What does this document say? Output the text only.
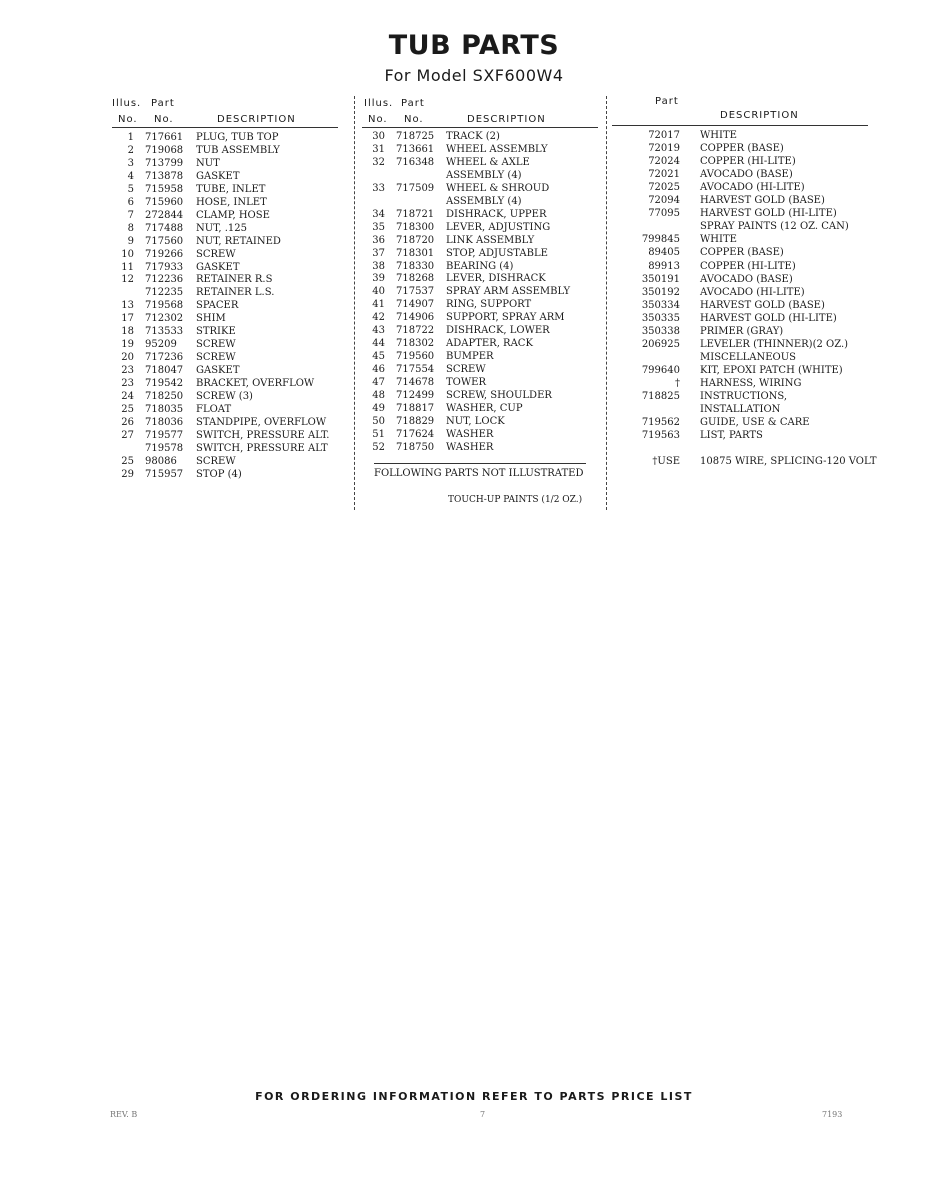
TUB PARTS
For Model SXF600W4
Illus. Part
No. No.	DESCRIPTION
Illus. Part
No. No.	DESCRIPTION
Part
DESCRIPTION
1 717661 PLUG, TUB TOP
2 719068 TUB ASSEMBLY
3 713799 NUT
4 713878 GASKET
5 715958 TUBE, INLET
6 715960 HOSE, INLET
7 272844 CLAMP, HOSE
8 717488 NUT, .125
9 717560 NUT, RETAINED
10 719266 SCREW
11 717933 GASKET
12 712236 RETAINER R.S
712235 RETAINER L.S.
13 719568 SPACER
17 712302 SHIM
18 713533 STRIKE
19 95209 SCREW
20 717236 SCREW
23 718047 GASKET
23 719542 BRACKET, OVERFLOW
24 718250 SCREW (3)
25 718035 FLOAT
26 718036 STANDPIPE, OVERFLOW
27 719577 SWITCH, PRESSURE ALT.
719578 SWITCH, PRESSURE ALT
25 98086 SCREW
29 715957 STOP (4)
30 718725 TRACK (2)
31 713661 WHEEL ASSEMBLY
32 716348 WHEEL & AXLE
ASSEMBLY (4)
33 717509 WHEEL & SHROUD
ASSEMBLY (4)
34 718721 DISHRACK, UPPER
35 718300 LEVER, ADJUSTING
36 718720 LINK ASSEMBLY
37 718301 STOP, ADJUSTABLE
38 718330 BEARING (4)
39 718268 LEVER, DISHRACK
40 717537 SPRAY ARM ASSEMBLY
41 714907 RING, SUPPORT
42 714906 SUPPORT, SPRAY ARM
43 718722 DISHRACK, LOWER
44 718302 ADAPTER, RACK
45 719560 BUMPER
46 717554 SCREW
47 714678 TOWER
48 712499 SCREW, SHOULDER
49 718817 WASHER, CUP
50 718829 NUT, LOCK
51 717624 WASHER
52 718750 WASHER
72017 WHITE
72019 COPPER (BASE)
72024 COPPER (HI-LITE)
72021 AVOCADO (BASE)
72025 AVOCADO (HI-LITE)
72094 HARVEST GOLD (BASE)
77095 HARVEST GOLD (HI-LITE)
SPRAY PAINTS (12 OZ. CAN)
799845 WHITE
89405 COPPER (BASE)
89913 COPPER (HI-LITE)
350191 AVOCADO (BASE)
350192 AVOCADO (HI-LITE)
350334 HARVEST GOLD (BASE)
350335 HARVEST GOLD (HI-LITE)
350338 PRIMER (GRAY)
206925 LEVELER (THINNER)(2 OZ.)
MISCELLANEOUS
799640 KIT, EPOXI PATCH (WHITE)
† HARNESS, WIRING
718825 INSTRUCTIONS,
INSTALLATION
719562 GUIDE, USE & CARE
719563 LIST, PARTS
†USE 10875 WIRE, SPLICING-120 VOLT
FOLLOWING PARTS NOT ILLUSTRATED
TOUCH-UP PAINTS (1/2 OZ.)
FOR ORDERING INFORMATION REFER TO PARTS PRICE LIST
REV. B	7	7193
